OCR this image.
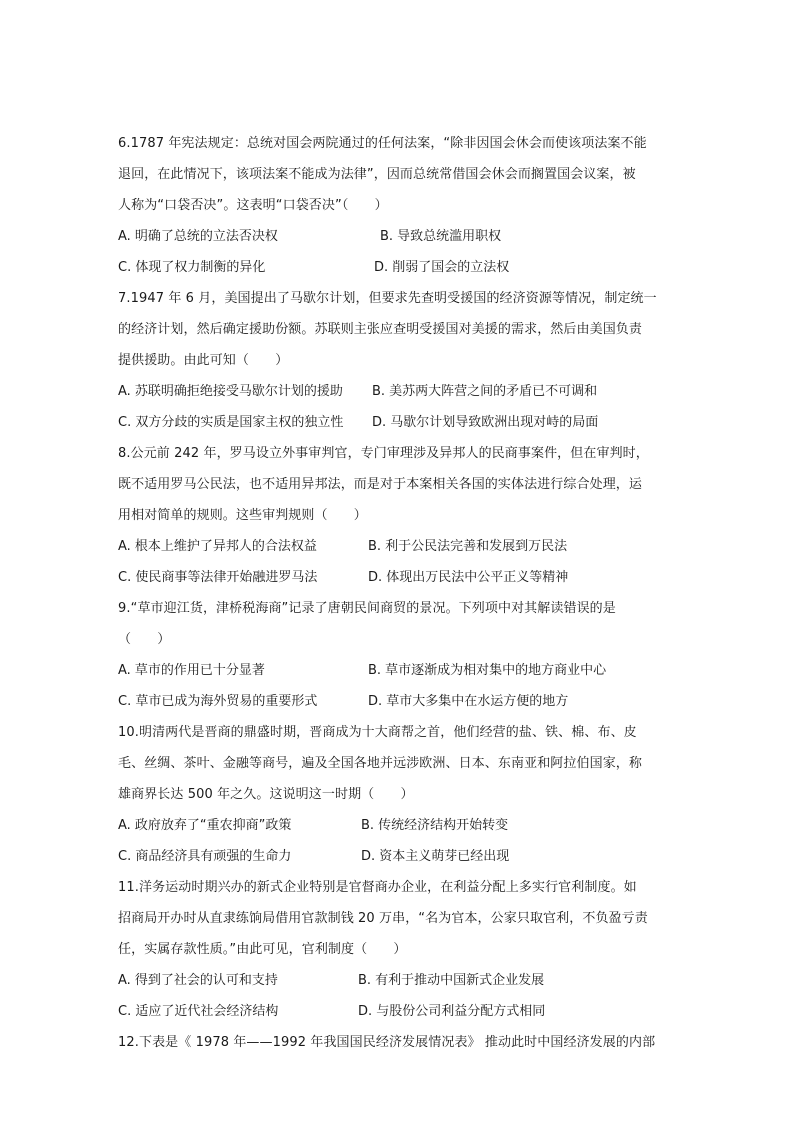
6.1787 年宪法规定：总统对国会两院通过的任何法案，“除非因国会休会而使该项法案不能
退回，在此情况下，该项法案不能成为法律”，因而总统常借国会休会而搁置国会议案，被
人称为“口袋否决”。这表明“口袋否决”（　　）
A. 明确了总统的立法否决权	B. 导致总统滥用职权
C. 体现了权力制衡的异化	D. 削弱了国会的立法权
7.1947 年 6 月，美国提出了马歇尔计划，但要求先查明受援国的经济资源等情况，制定统一
的经济计划，然后确定援助份额。苏联则主张应查明受援国对美援的需求，然后由美国负责
提供援助。由此可知（　　）
A. 苏联明确拒绝接受马歇尔计划的援助	B. 美苏两大阵营之间的矛盾已不可调和
C. 双方分歧的实质是国家主权的独立性	D. 马歇尔计划导致欧洲出现对峙的局面
8.公元前 242 年，罗马设立外事审判官，专门审理涉及异邦人的民商事案件，但在审判时，
既不适用罗马公民法，也不适用异邦法，而是对于本案相关各国的实体法进行综合处理，运
用相对简单的规则。这些审判规则（　　）
A. 根本上维护了异邦人的合法权益	B. 利于公民法完善和发展到万民法
C. 使民商事等法律开始融进罗马法	D. 体现出万民法中公平正义等精神
9.“草市迎江货，津桥税海商”记录了唐朝民间商贸的景况。下列项中对其解读错误的是
（　　）
A. 草市的作用已十分显著	B. 草市逐渐成为相对集中的地方商业中心
C. 草市已成为海外贸易的重要形式	D. 草市大多集中在水运方便的地方
10.明清两代是晋商的鼎盛时期，晋商成为十大商帮之首，他们经营的盐、铁、棉、布、皮
毛、丝绸、茶叶、金融等商号，遍及全国各地并远涉欧洲、日本、东南亚和阿拉伯国家，称
雄商界长达 500 年之久。这说明这一时期（　　）
A. 政府放弃了“重农抑商”政策	B. 传统经济结构开始转变
C. 商品经济具有顽强的生命力	D. 资本主义萌芽已经出现
11.洋务运动时期兴办的新式企业特别是官督商办企业，在利益分配上多实行官利制度。如
招商局开办时从直隶练饷局借用官款制钱 20 万串，“名为官本，公家只取官利，不负盈亏责
任，实属存款性质。”由此可见，官利制度（　　）
A. 得到了社会的认可和支持	B. 有利于推动中国新式企业发展
C. 适应了近代社会经济结构	D. 与股份公司利益分配方式相同
12.下表是《 1978 年——1992 年我国国民经济发展情况表》 推动此时中国经济发展的内部
